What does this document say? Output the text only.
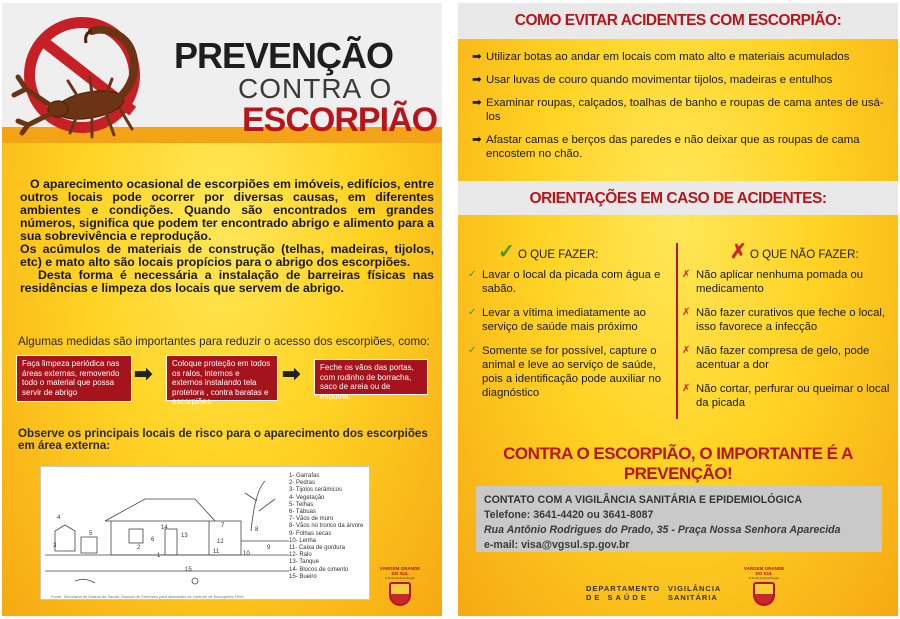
PREVENÇÃO
CONTRA O
ESCORPIÃO

O aparecimento ocasional de escorpiões em imóveis, edifícios, entre outros locais pode ocorrer por diversas causas, em diferentes ambientes e condições. Quando são encontrados em grandes números, significa que podem ter encontrado abrigo e alimento para a sua sobrevivência e reprodução.

Os acúmulos de materiais de construção (telhas, madeiras, tijolos, etc) e mato alto são locais propícios para o abrigo dos escorpiões.

Desta forma é necessária a instalação de barreiras físicas nas residências e limpeza dos locais que servem de abrigo.

Algumas medidas são importantes para reduzir o acesso dos escorpiões, como:
Faça limpeza periódica nas áreas externas, removendo todo o material que possa servir de abrigo
➡	Coloque proteção em todos os ralos, internos e externos instalando tela protetora , contra baratas e escorpiões.
➡	Feche os vãos das portas, com rodinho de borracha, saco de areia ou de espuma.
Observe os principais locais de risco para o aparecimento dos escorpiões em área externa:
1
2
3
4
5
6
7
8
9
10
11
12
13
14
15
1- Garrafas
2- Pedras
3- Tijolos cerâmicos
4- Vegetação
5- Telhas
6- Tábuas
7- Vãos de muro
8- Vãos no tronco da árvore
9- Folhas secas
10- Lenha
11- Caixa de gordura
12- Ralo
13- Tanque
14- Blocos de cimento
15- Bueiro
Fonte: Secretaria de Estado da Saúde. Manual de Diretrizes para atividades de controle de Escorpiões 1994.
VARGEM GRANDE DO SUL
A Terra do Aconchego!
COMO EVITAR ACIDENTES COM ESCORPIÃO:
➡ Utilizar botas ao andar em locais com mato alto e materiais acumulados
➡ Usar luvas de couro quando movimentar tijolos, madeiras e entulhos
➡ Examinar roupas, calçados, toalhas de banho e roupas de cama antes de usá-los
➡ Afastar camas e berços das paredes e não deixar que as roupas de cama encostem no chão.
ORIENTAÇÕES EM CASO DE ACIDENTES:
✓ O QUE FAZER:	✗ O QUE NÃO FAZER:
✓ Lavar o local da picada com água e sabão.
✓ Levar a vítima imediatamente ao serviço de saúde mais próximo
✓ Somente se for possível, capture o animal e leve ao serviço de saúde, pois a identificação pode auxiliar no diagnóstico
✗ Não aplicar nenhuma pomada ou medicamento
✗ Não fazer curativos que feche o local, isso favorece a infecção
✗ Não fazer compresa de gelo, pode acentuar a dor
✗ Não cortar, perfurar ou queimar o local da picada
CONTRA O ESCORPIÃO, O IMPORTANTE É A PREVENÇÃO!
CONTATO COM A VIGILÂNCIA SANITÁRIA E EPIDEMIOLÓGICA
Telefone: 3641-4420 ou 3641-8087
Rua Antônio Rodrigues do Prado, 35 - Praça Nossa Senhora Aparecida
e-mail: visa@vgsul.sp.gov.br
DEPARTAMENTO
DE SAÚDE
VIGILÂNCIA
SANITÁRIA
VARGEM GRANDE DO SUL
A Terra do Aconchego!
